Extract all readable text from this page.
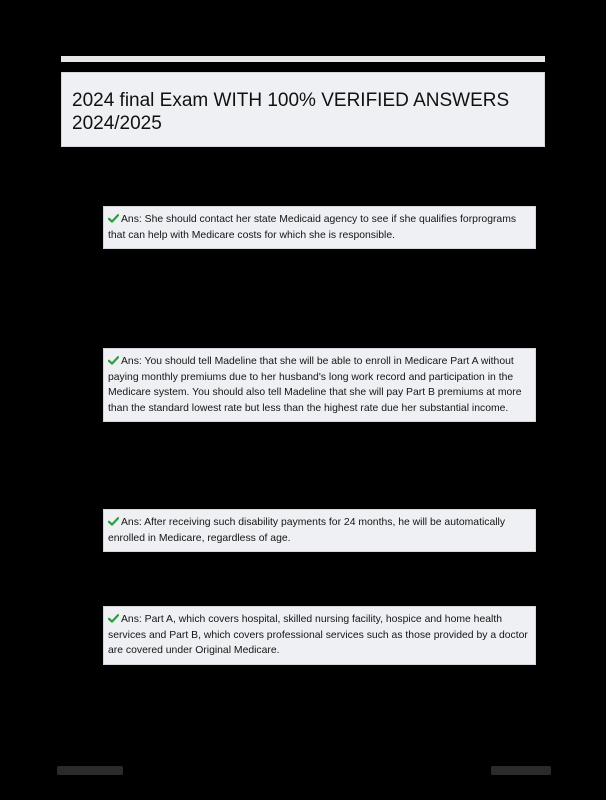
2024 final Exam WITH 100% VERIFIED ANSWERS 2024/2025
Ans: She should contact her state Medicaid agency to see if she qualifies forprograms that can help with Medicare costs for which she is responsible.
Ans: You should tell Madeline that she will be able to enroll in Medicare Part A without paying monthly premiums due to her husband's long work record and participation in the Medicare system. You should also tell Madeline that she will pay Part B premiums at more than the standard lowest rate but less than the highest rate due her substantial income.
Ans: After receiving such disability payments for 24 months, he will be automatically enrolled in Medicare, regardless of age.
Ans: Part A, which covers hospital, skilled nursing facility, hospice and home health services and Part B, which covers professional services such as those provided by a doctor are covered under Original Medicare.
